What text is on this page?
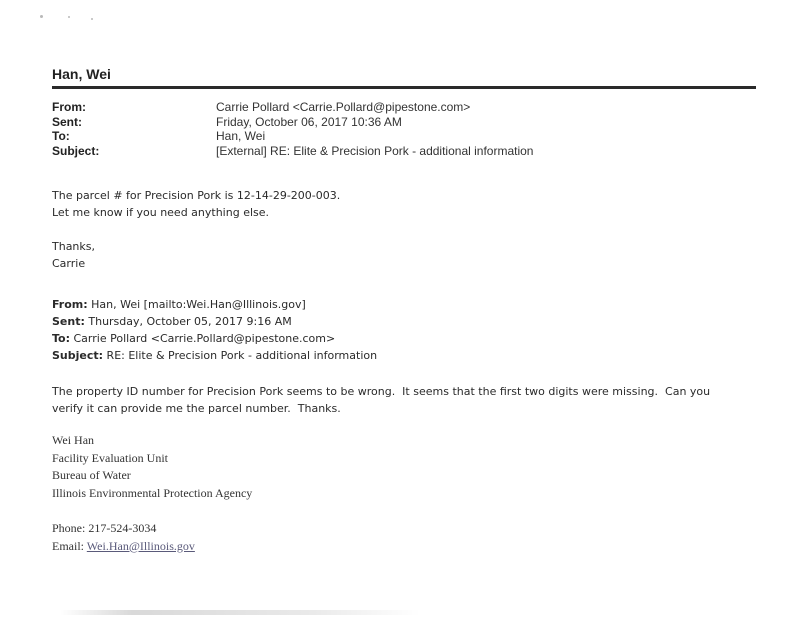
Han, Wei
From:	Carrie Pollard <Carrie.Pollard@pipestone.com>
Sent:	Friday, October 06, 2017 10:36 AM
To:	Han, Wei
Subject:	[External] RE: Elite & Precision Pork - additional information

The parcel # for Precision Pork is 12-14-29-200-003.

Let me know if you need anything else.

Thanks,

Carrie

From: Han, Wei [mailto:Wei.Han@Illinois.gov]

Sent: Thursday, October 05, 2017 9:16 AM

To: Carrie Pollard <Carrie.Pollard@pipestone.com>

Subject: RE: Elite & Precision Pork - additional information

The property ID number for Precision Pork seems to be wrong.  It seems that the first two digits were missing.  Can you

verify it can provide me the parcel number.  Thanks.

Wei Han

Facility Evaluation Unit

Bureau of Water

Illinois Environmental Protection Agency

Phone: 217-524-3034

Email: Wei.Han@Illinois.gov
